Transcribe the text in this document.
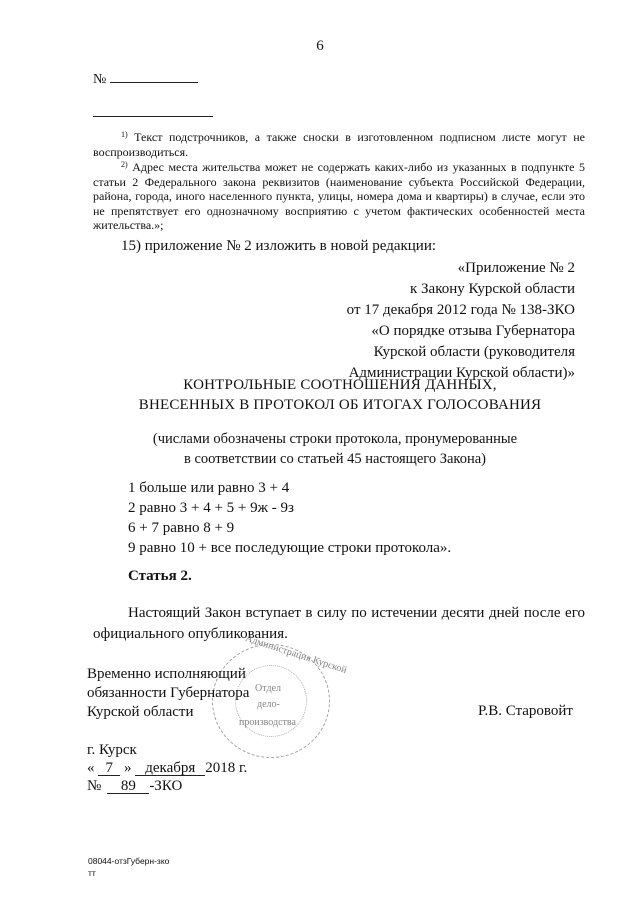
6
№
$^{1)}$ Текст подстрочников, а также сноски в изготовленном подписном листе могут не воспроизводиться.
$^{2)}$ Адрес места жительства может не содержать каких-либо из указанных в подпункте 5 статьи 2 Федерального закона реквизитов (наименование субъекта Российской Федерации, района, города, иного населенного пункта, улицы, номера дома и квартиры) в случае, если это не препятствует его однозначному восприятию с учетом фактических особенностей места жительства.»;
15) приложение № 2 изложить в новой редакции:
«Приложение № 2
к Закону Курской области
от 17 декабря 2012 года № 138-ЗКО
«О порядке отзыва Губернатора
Курской области (руководителя
Администрации Курской области)»
КОНТРОЛЬНЫЕ СООТНОШЕНИЯ ДАННЫХ,
ВНЕСЕННЫХ В ПРОТОКОЛ ОБ ИТОГАХ ГОЛОСОВАНИЯ
(числами обозначены строки протокола, пронумерованные
в соответствии со статьей 45 настоящего Закона)
1 больше или равно 3 + 4
2 равно 3 + 4 + 5 + 9ж - 9з
6 + 7 равно 8 + 9
9 равно 10 + все последующие строки протокола».
Статья 2.
Настоящий Закон вступает в силу по истечении десяти дней после его официального опубликования.
Администрация Курской
Отдел
дело-
производства
Временно исполняющий
обязанности Губернатора
Курской области	Р.В. Старовойт
г. Курск
« 7 » декабря 2018 г.
№ 89 -ЗКО
08044-отзГуберн-зко
тт
